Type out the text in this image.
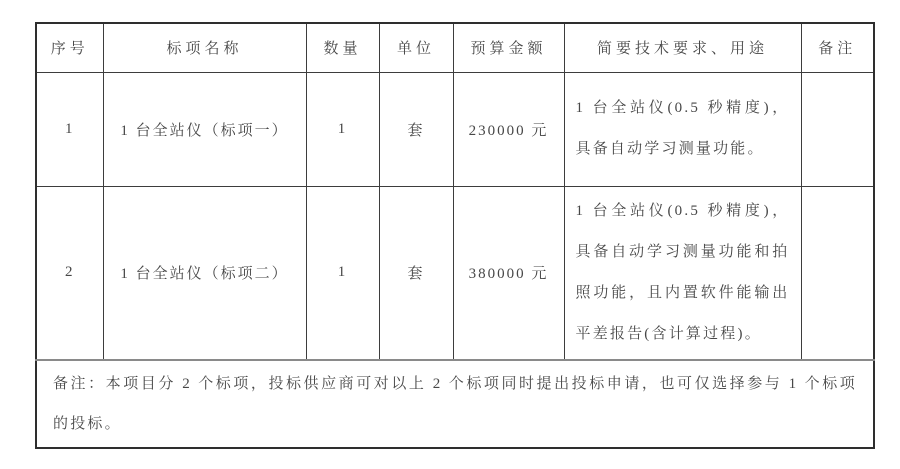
序号	标项名称	数量	单位	预算金额	简要技术要求、用途	备注
1	1 台全站仪（标项一）	1	套	230000 元	1 台全站仪(0.5 秒精度)，具备自动学习测量功能。	
2	1 台全站仪（标项二）	1	套	380000 元	1 台全站仪(0.5 秒精度)，具备自动学习测量功能和拍照功能，且内置软件能输出平差报告(含计算过程)。	
备注：本项目分 2 个标项，投标供应商可对以上 2 个标项同时提出投标申请，也可仅选择参与 1 个标项的投标。						
